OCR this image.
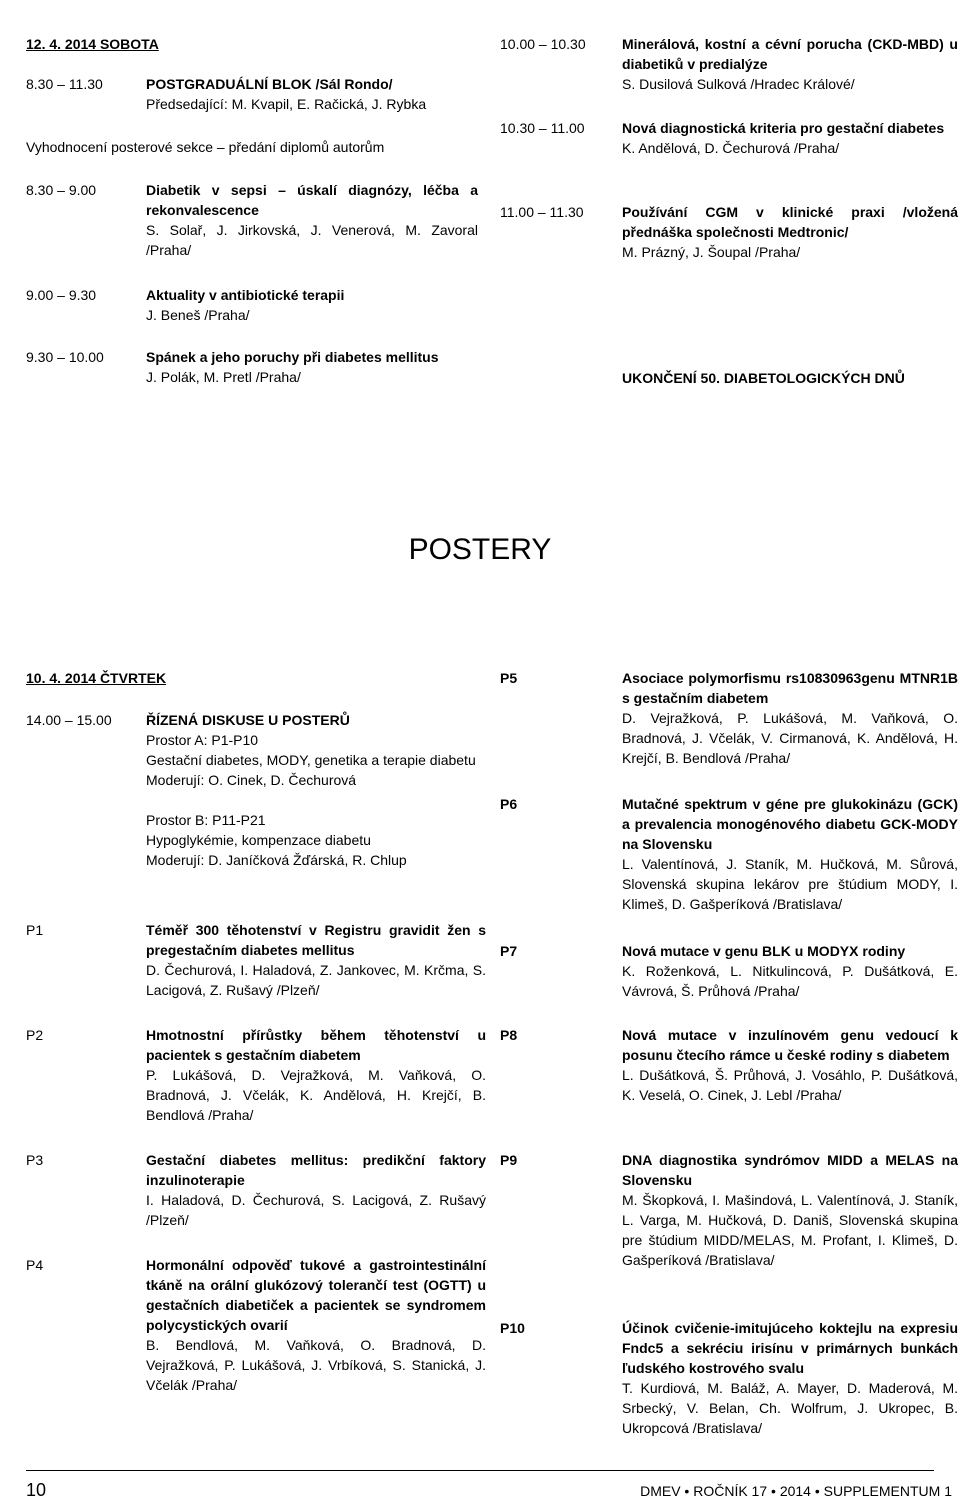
12. 4. 2014 SOBOTA
8.30 – 11.30	POSTGRADUÁLNÍ BLOK /Sál Rondo/
Předsedající: M. Kvapil, E. Račická, J. Rybka
Vyhodnocení posterové sekce – předání diplomů autorům
8.30 – 9.00	Diabetik v sepsi – úskalí diagnózy, léčba a rekonvalescence
S. Solař, J. Jirkovská, J. Venerová, M. Zavoral /Praha/
9.00 – 9.30	Aktuality v antibiotické terapii
J. Beneš /Praha/
9.30 – 10.00	Spánek a jeho poruchy při diabetes mellitus
J. Polák, M. Pretl /Praha/
10.00 – 10.30	Minerálová, kostní a cévní porucha (CKD-MBD) u diabetiků v predialýze
S. Dusilová Sulková /Hradec Králové/
10.30 – 11.00	Nová diagnostická kriteria pro gestační diabetes
K. Andělová, D. Čechurová /Praha/
11.00 – 11.30	Používání CGM v klinické praxi /vložená přednáška společnosti Medtronic/
M. Prázný, J. Šoupal /Praha/
UKONČENÍ 50. DIABETOLOGICKÝCH DNŮ
POSTERY
10. 4. 2014 ČTVRTEK
14.00 – 15.00	ŘÍZENÁ DISKUSE U POSTERŮ
Prostor A: P1-P10
Gestační diabetes, MODY, genetika a terapie diabetu
Moderují: O. Cinek, D. Čechurová
Prostor B: P11-P21
Hypoglykémie, kompenzace diabetu
Moderují: D. Janíčková Žďárská, R. Chlup
P1	Téměř 300 těhotenství v Registru gravidit žen s pregestačním diabetes mellitus
D. Čechurová, I. Haladová, Z. Jankovec, M. Krčma, S. Lacigová, Z. Rušavý /Plzeň/
P2	Hmotnostní přírůstky během těhotenství u pacientek s gestačním diabetem
P. Lukášová, D. Vejražková, M. Vaňková, O. Bradnová, J. Včelák, K. Andělová, H. Krejčí, B. Bendlová /Praha/
P3	Gestační diabetes mellitus: predikční faktory inzulinoterapie
I. Haladová, D. Čechurová, S. Lacigová, Z. Rušavý /Plzeň/
P4	Hormonální odpověď tukové a gastrointestinální tkáně na orální glukózový tolerančí test (OGTT) u gestačních diabetiček a pacientek se syndromem polycystických ovarií
B. Bendlová, M. Vaňková, O. Bradnová, D. Vejražková, P. Lukášová, J. Vrbíková, S. Stanická, J. Včelák /Praha/
P5	Asociace polymorfismu rs10830963genu MTNR1B s gestačním diabetem
D. Vejražková, P. Lukášová, M. Vaňková, O. Bradnová, J. Včelák, V. Cirmanová, K. Andělová, H. Krejčí, B. Bendlová /Praha/
P6	Mutačné spektrum v géne pre glukokinázu (GCK) a prevalencia monogénového diabetu GCK-MODY na Slovensku
L. Valentínová, J. Staník, M. Hučková, M. Sůrová, Slovenská skupina lekárov pre štúdium MODY, I. Klimeš, D. Gašperíková /Bratislava/
P7	Nová mutace v genu BLK u MODYX rodiny
K. Roženková, L. Nitkulincová, P. Dušátková, E. Vávrová, Š. Průhová /Praha/
P8	Nová mutace v inzulínovém genu vedoucí k posunu čtecího rámce u české rodiny s diabetem
L. Dušátková, Š. Průhová, J. Vosáhlo, P. Dušátková, K. Veselá, O. Cinek, J. Lebl /Praha/
P9	DNA diagnostika syndrómov MIDD a MELAS na Slovensku
M. Škopková, I. Mašindová, L. Valentínová, J. Staník, L. Varga, M. Hučková, D. Daniš, Slovenská skupina pre štúdium MIDD/MELAS, M. Profant, I. Klimeš, D. Gašperíková /Bratislava/
P10	Účinok cvičenie-imitujúceho koktejlu na expresiu Fndc5 a sekréciu irisínu v primárnych bunkách ľudského kostrového svalu
T. Kurdiová, M. Baláž, A. Mayer, D. Maderová, M. Srbecký, V. Belan, Ch. Wolfrum, J. Ukropec, B. Ukropcová /Bratislava/
10	DMEV • ROČNÍK 17 • 2014 • SUPPLEMENTUM 1
